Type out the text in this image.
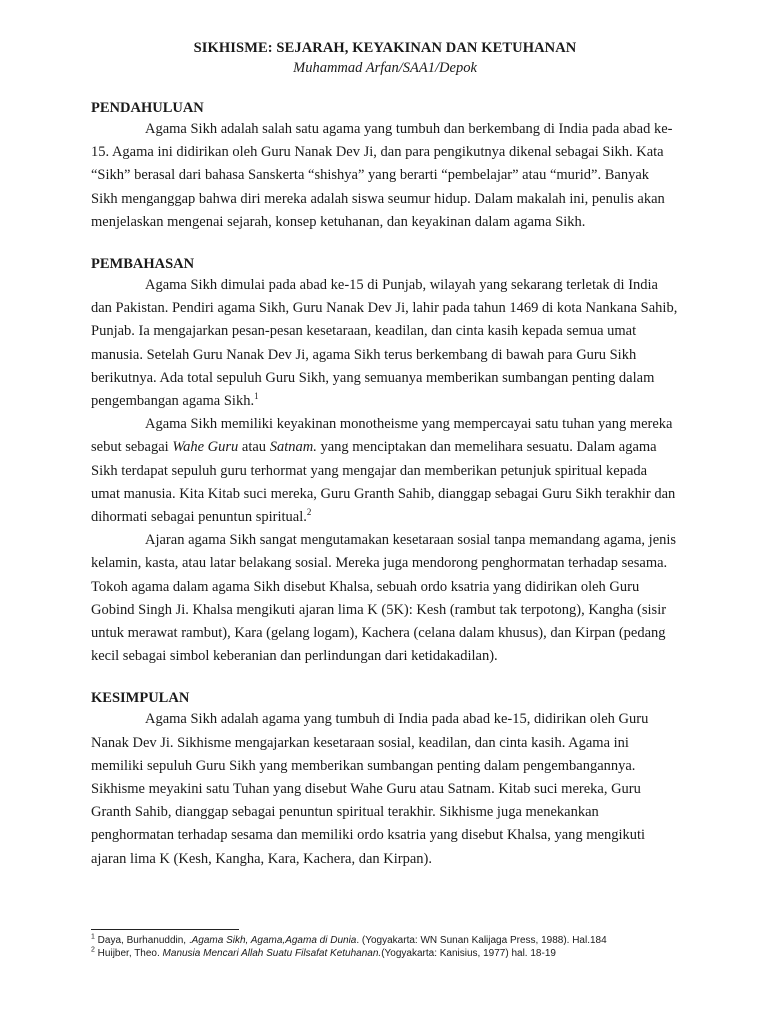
SIKHISME: SEJARAH, KEYAKINAN DAN KETUHANAN

Muhammad Arfan/SAA1/Depok

PENDAHULUAN

Agama Sikh adalah salah satu agama yang tumbuh dan berkembang di India pada abad ke-15. Agama ini didirikan oleh Guru Nanak Dev Ji, dan para pengikutnya dikenal sebagai Sikh. Kata “Sikh” berasal dari bahasa Sanskerta “shishya” yang berarti “pembelajar” atau “murid”. Banyak Sikh menganggap bahwa diri mereka adalah siswa seumur hidup. Dalam makalah ini, penulis akan menjelaskan mengenai sejarah, konsep ketuhanan, dan keyakinan dalam agama Sikh.

PEMBAHASAN

Agama Sikh dimulai pada abad ke-15 di Punjab, wilayah yang sekarang terletak di India dan Pakistan. Pendiri agama Sikh, Guru Nanak Dev Ji, lahir pada tahun 1469 di kota Nankana Sahib, Punjab. Ia mengajarkan pesan-pesan kesetaraan, keadilan, dan cinta kasih kepada semua umat manusia. Setelah Guru Nanak Dev Ji, agama Sikh terus berkembang di bawah para Guru Sikh berikutnya. Ada total sepuluh Guru Sikh, yang semuanya memberikan sumbangan penting dalam pengembangan agama Sikh.$^1$

Agama Sikh memiliki keyakinan monotheisme yang mempercayai satu tuhan yang mereka sebut sebagai Wahe Guru atau Satnam. yang menciptakan dan memelihara sesuatu. Dalam agama Sikh terdapat sepuluh guru terhormat yang mengajar dan memberikan petunjuk spiritual kepada umat manusia. Kita Kitab suci mereka, Guru Granth Sahib, dianggap sebagai Guru Sikh terakhir dan dihormati sebagai penuntun spiritual.$^2$

Ajaran agama Sikh sangat mengutamakan kesetaraan sosial tanpa memandang agama, jenis kelamin, kasta, atau latar belakang sosial. Mereka juga mendorong penghormatan terhadap sesama. Tokoh agama dalam agama Sikh disebut Khalsa, sebuah ordo ksatria yang didirikan oleh Guru Gobind Singh Ji. Khalsa mengikuti ajaran lima K (5K): Kesh (rambut tak terpotong), Kangha (sisir untuk merawat rambut), Kara (gelang logam), Kachera (celana dalam khusus), dan Kirpan (pedang kecil sebagai simbol keberanian dan perlindungan dari ketidakadilan).

KESIMPULAN

Agama Sikh adalah agama yang tumbuh di India pada abad ke-15, didirikan oleh Guru Nanak Dev Ji. Sikhisme mengajarkan kesetaraan sosial, keadilan, dan cinta kasih. Agama ini memiliki sepuluh Guru Sikh yang memberikan sumbangan penting dalam pengembangannya. Sikhisme meyakini satu Tuhan yang disebut Wahe Guru atau Satnam. Kitab suci mereka, Guru Granth Sahib, dianggap sebagai penuntun spiritual terakhir. Sikhisme juga menekankan penghormatan terhadap sesama dan memiliki ordo ksatria yang disebut Khalsa, yang mengikuti ajaran lima K (Kesh, Kangha, Kara, Kachera, dan Kirpan).

$^1$ Daya, Burhanuddin, .Agama Sikh, Agama,Agama di Dunia. (Yogyakarta: WN Sunan Kalijaga Press, 1988). Hal.184

$^2$ Huijber, Theo. Manusia Mencari Allah Suatu Filsafat Ketuhanan.(Yogyakarta: Kanisius, 1977) hal. 18-19
